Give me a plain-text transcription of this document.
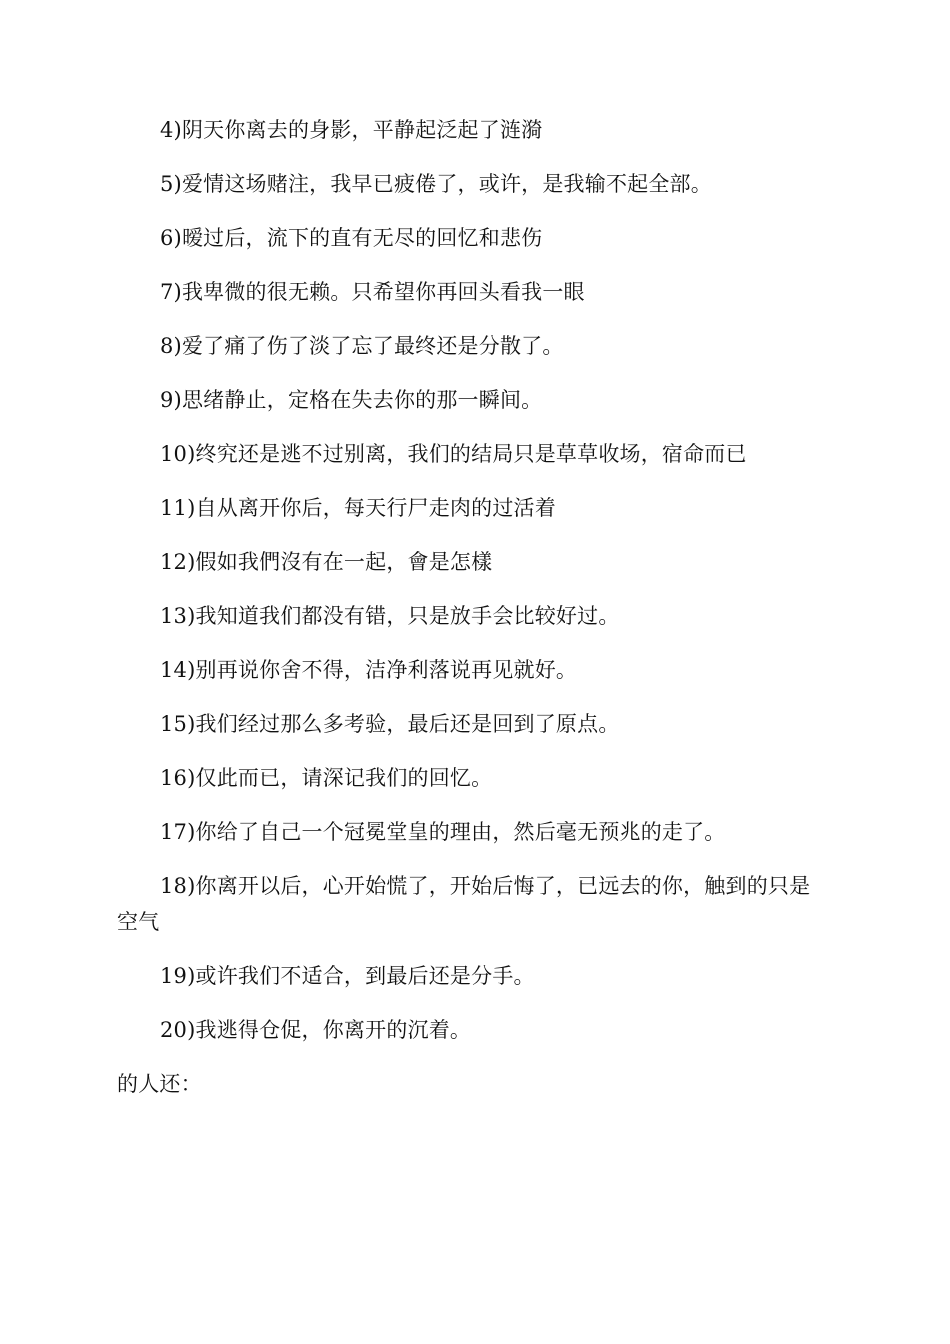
4)阴天你离去的身影，平静起泛起了涟漪

5)爱情这场赌注，我早已疲倦了，或许，是我输不起全部。

6)暧过后，流下的直有无尽的回忆和悲伤

7)我卑微的很无赖。只希望你再回头看我一眼

8)爱了痛了伤了淡了忘了最终还是分散了。

9)思绪静止，定格在失去你的那一瞬间。

10)终究还是逃不过别离，我们的结局只是草草收场，宿命而已

11)自从离开你后，每天行尸走肉的过活着

12)假如我們沒有在一起，會是怎樣

13)我知道我们都没有错，只是放手会比较好过。

14)别再说你舍不得，洁净利落说再见就好。

15)我们经过那么多考验，最后还是回到了原点。

16)仅此而已，请深记我们的回忆。

17)你给了自己一个冠冕堂皇的理由，然后毫无预兆的走了。

18)你离开以后，心开始慌了，开始后悔了，已远去的你，触到的只是空气

19)或许我们不适合，到最后还是分手。

20)我逃得仓促，你离开的沉着。

的人还：
